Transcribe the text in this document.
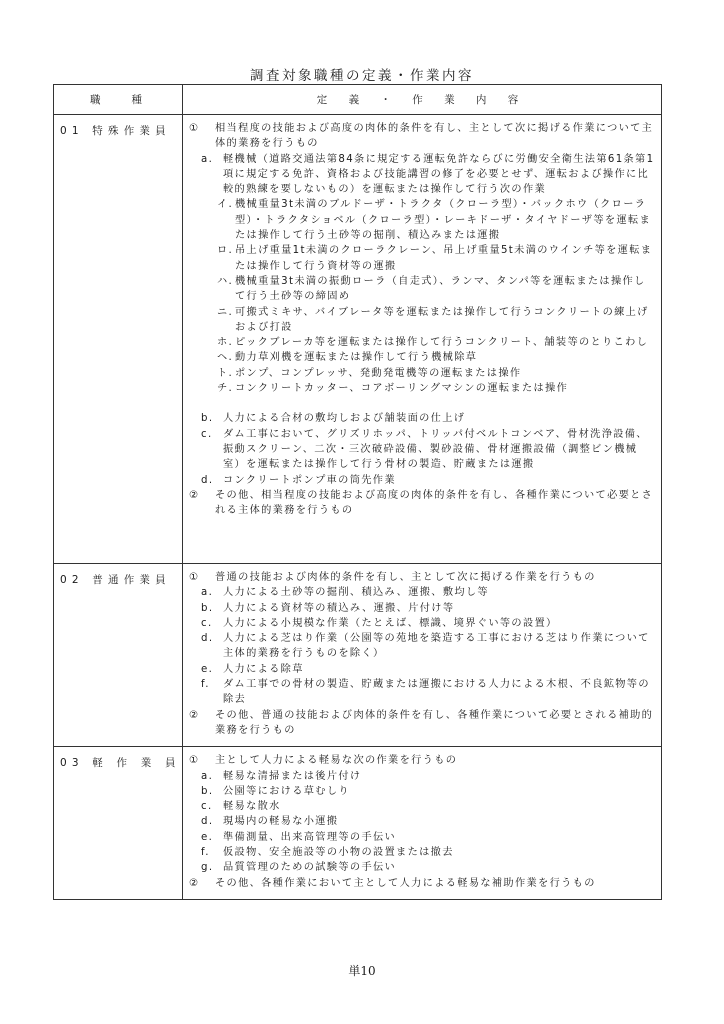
調査対象職種の定義・作業内容
職 種	定 義 ・ 作 業 内 容
01 特殊作業員	①	相当程度の技能および高度の肉体的条件を有し、主として次に掲げる作業について主体的業務を行うもの
a. 軽機械（道路交通法第84条に規定する運転免許ならびに労働安全衛生法第61条第1項に規定する免許、資格および技能講習の修了を必要とせず、運転および操作に比較的熟練を要しないもの）を運転または操作して行う次の作業
イ. 機械重量3t未満のブルドーザ・トラクタ（クローラ型）・バックホウ（クローラ型）・トラクタショベル（クローラ型）・レーキドーザ・タイヤドーザ等を運転または操作して行う土砂等の掘削、積込みまたは運搬
ロ. 吊上げ重量1t未満のクローラクレーン、吊上げ重量5t未満のウインチ等を運転または操作して行う資材等の運搬
ハ. 機械重量3t未満の振動ローラ（自走式）、ランマ、タンパ等を運転または操作して行う土砂等の締固め
ニ. 可搬式ミキサ、バイブレータ等を運転または操作して行うコンクリートの練上げおよび打設
ホ. ピックブレーカ等を運転または操作して行うコンクリート、舗装等のとりこわし
ヘ. 動力草刈機を運転または操作して行う機械除草
ト. ポンプ、コンプレッサ、発動発電機等の運転または操作
チ. コンクリートカッター、コアボーリングマシンの運転または操作
b. 人力による合材の敷均しおよび舗装面の仕上げ
c.	ダム工事において、グリズリホッパ、トリッパ付ベルトコンベア、骨材洗浄設備、振動スクリーン、二次・三次破砕設備、製砂設備、骨材運搬設備（調整ビン機械室）を運転または操作して行う骨材の製造、貯蔵または運搬
d. コンクリートポンプ車の筒先作業
②	その他、相当程度の技能および高度の肉体的条件を有し、各種作業について必要とされる主体的業務を行うもの

02 普通作業員	①	普通の技能および肉体的条件を有し、主として次に掲げる作業を行うもの
a. 人力による土砂等の掘削、積込み、運搬、敷均し等
b. 人力による資材等の積込み、運搬、片付け等
c.	人力による小規模な作業（たとえば、標識、境界ぐい等の設置）
d. 人力による芝はり作業（公園等の苑地を築造する工事における芝はり作業について主体的業務を行うものを除く）
e. 人力による除草
f.	ダム工事での骨材の製造、貯蔵または運搬における人力による木根、不良鉱物等の除去
②	その他、普通の技能および肉体的条件を有し、各種作業について必要とされる補助的業務を行うもの

03 軽 作 業 員	①	主として人力による軽易な次の作業を行うもの
a. 軽易な清掃または後片付け
b. 公園等における草むしり
c.	軽易な散水
d. 現場内の軽易な小運搬
e. 準備測量、出来高管理等の手伝い
f.	仮設物、安全施設等の小物の設置または撤去
g. 品質管理のための試験等の手伝い
②	その他、各種作業において主として人力による軽易な補助作業を行うもの
単10
